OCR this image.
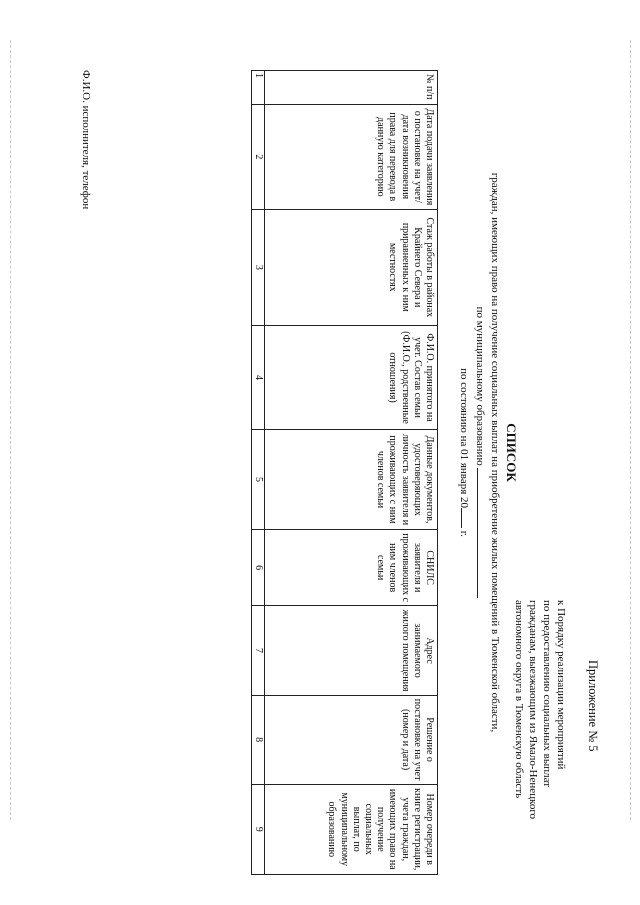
Приложение № 5
к Порядку реализации мероприятий
по предоставлению социальных выплат
гражданам, выезжающим из Ямало-Ненецкого
автономного округа в Тюменскую область
СПИСОК
граждан, имеющих право на получение социальных выплат на приобретение жилых помещений в Тюменской области,
по муниципальному образованию
по состоянию на 01 января 20 г.
№ п/п	Дата подачи заявления о постановке на учет/дата возникновения права для перевода в данную категорию	Стаж работы в районах Крайнего Севера и приравненных к ним местностях	Ф.И.О. принятого на учет. Состав семьи (Ф.И.О., родственные отношения)	Данные документов, удостоверяющих личность заявителя и проживающих с ним членов семьи	СНИЛС заявителя и проживающих с ним членов семьи	Адрес занимаемого жилого помещения	Решение о постановке на учет (номер и дата)	Номер очереди в книге регистрации, учета граждан, имеющих право на получение социальных выплат, по муниципальному образованию
1	2	3	4	5	6	7	8	9
Ф.И.О. исполнителя, телефон
